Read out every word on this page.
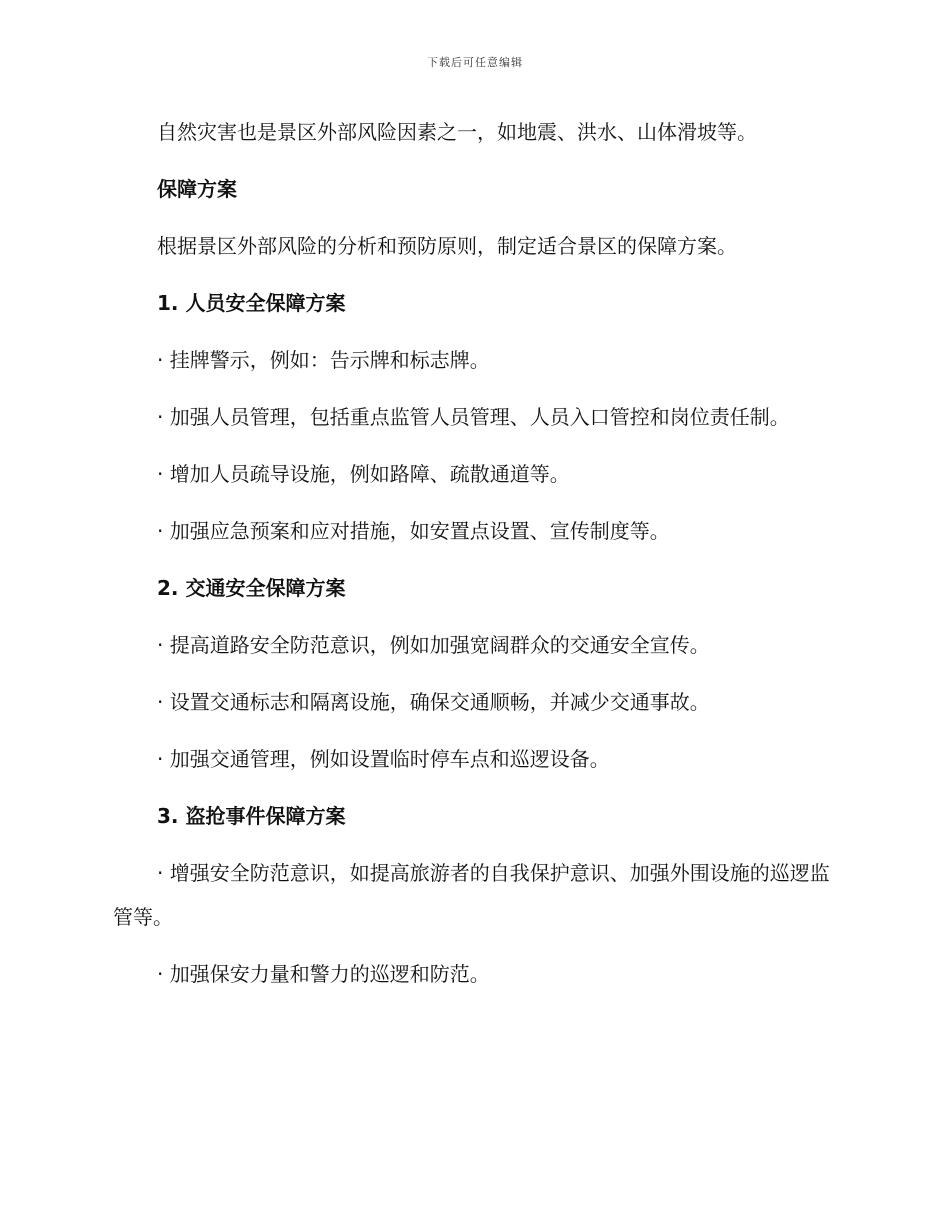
下载后可任意编辑

自然灾害也是景区外部风险因素之一，如地震、洪水、山体滑坡等。

保障方案

根据景区外部风险的分析和预防原则，制定适合景区的保障方案。

1. 人员安全保障方案

· 挂牌警示，例如：告示牌和标志牌。

· 加强人员管理，包括重点监管人员管理、人员入口管控和岗位责任制。

· 增加人员疏导设施，例如路障、疏散通道等。

· 加强应急预案和应对措施，如安置点设置、宣传制度等。

2. 交通安全保障方案

· 提高道路安全防范意识，例如加强宽阔群众的交通安全宣传。

· 设置交通标志和隔离设施，确保交通顺畅，并减少交通事故。

· 加强交通管理，例如设置临时停车点和巡逻设备。

3. 盗抢事件保障方案

· 增强安全防范意识，如提高旅游者的自我保护意识、加强外围设施的巡逻监管等。

· 加强保安力量和警力的巡逻和防范。
